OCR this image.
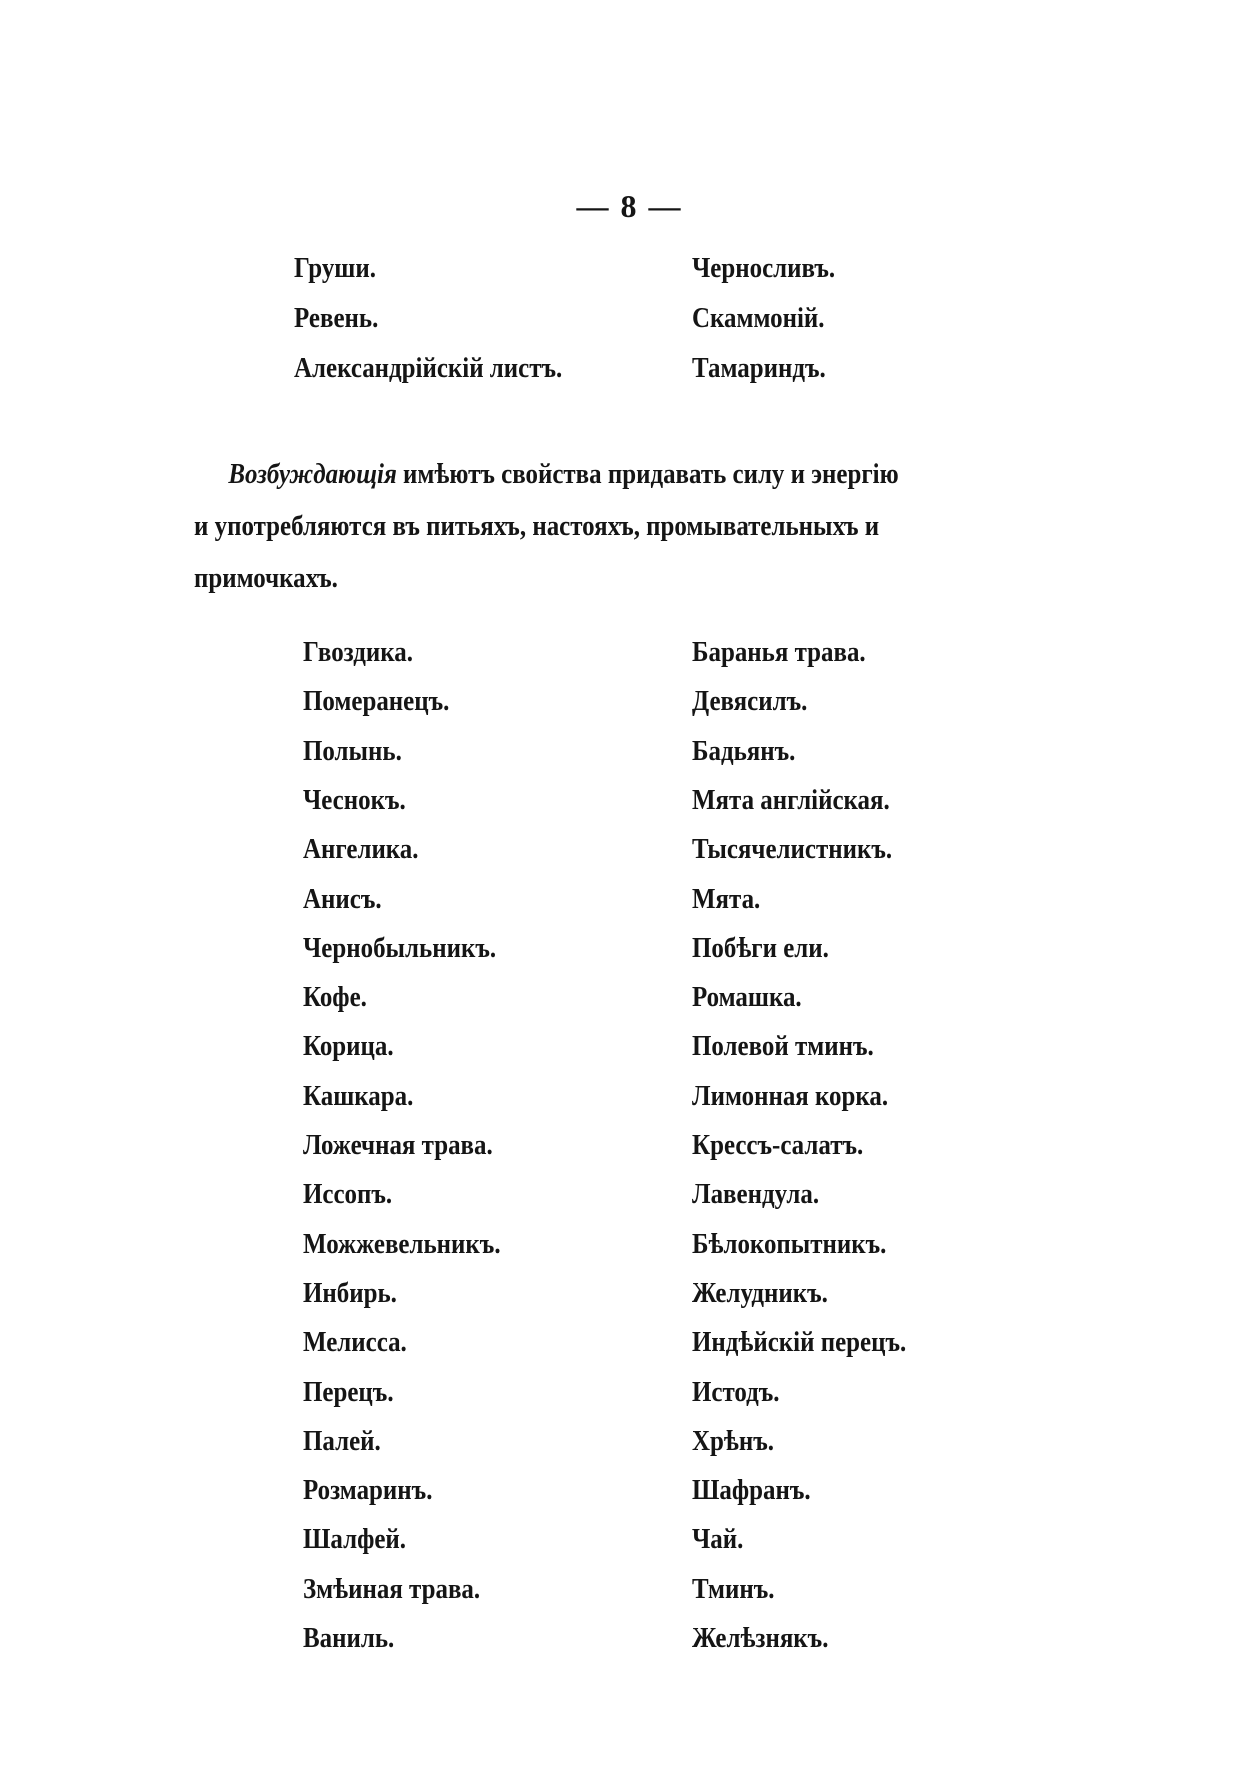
— 8 —
Груши.
Ревень.
Александрійскій листъ.
Черносливъ.
Скаммоній.
Тамариндъ.
Возбуждающія имѣютъ свойства придавать силу и энергію
и употребляются въ питьяхъ, настояхъ, промывательныхъ и
примочкахъ.
Гвоздика.
Померанецъ.
Полынь.
Чеснокъ.
Ангелика.
Анисъ.
Чернобыльникъ.
Кофе.
Корица.
Кашкара.
Ложечная трава.
Иссопъ.
Можжевельникъ.
Инбирь.
Мелисса.
Перецъ.
Палей.
Розмаринъ.
Шалфей.
Змѣиная трава.
Ваниль.
Баранья трава.
Девясилъ.
Бадьянъ.
Мята англійская.
Тысячелистникъ.
Мята.
Побѣги ели.
Ромашка.
Полевой тминъ.
Лимонная корка.
Крессъ-салатъ.
Лавендула.
Бѣлокопытникъ.
Желудникъ.
Индѣйскій перецъ.
Истодъ.
Хрѣнъ.
Шафранъ.
Чай.
Тминъ.
Желѣзнякъ.
